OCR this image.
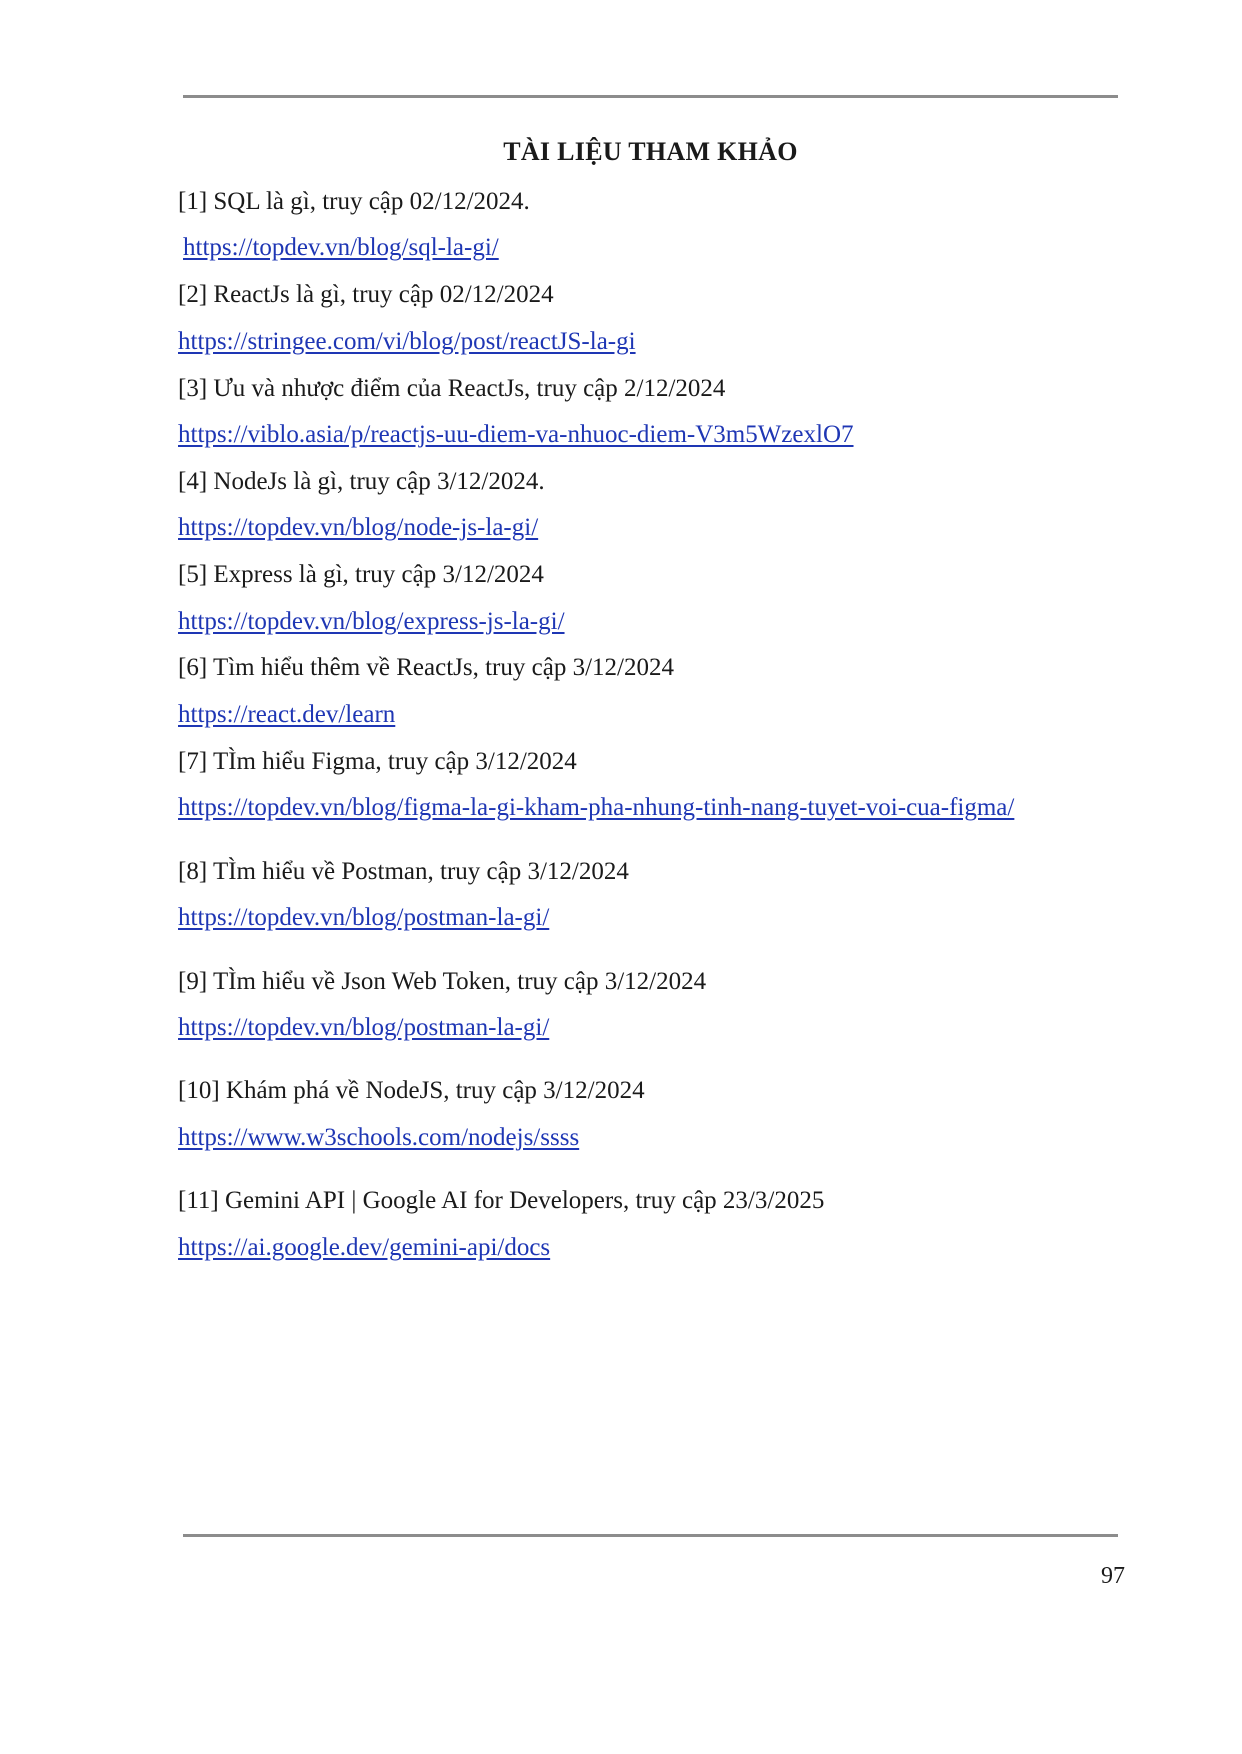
TÀI LIỆU THAM KHẢO
[1] SQL là gì, truy cập 02/12/2024.
https://topdev.vn/blog/sql-la-gi/
[2] ReactJs là gì, truy cập 02/12/2024
https://stringee.com/vi/blog/post/reactJS-la-gi
[3] Ưu và nhược điểm của ReactJs, truy cập 2/12/2024
https://viblo.asia/p/reactjs-uu-diem-va-nhuoc-diem-V3m5WzexlO7
[4] NodeJs là gì, truy cập 3/12/2024.
https://topdev.vn/blog/node-js-la-gi/
[5] Express là gì, truy cập 3/12/2024
https://topdev.vn/blog/express-js-la-gi/
[6] Tìm hiểu thêm về ReactJs, truy cập 3/12/2024
https://react.dev/learn
[7] TÌm hiểu Figma, truy cập 3/12/2024
https://topdev.vn/blog/figma-la-gi-kham-pha-nhung-tinh-nang-tuyet-voi-cua-figma/
[8] TÌm hiểu về Postman, truy cập 3/12/2024
https://topdev.vn/blog/postman-la-gi/
[9] TÌm hiểu về Json Web Token, truy cập 3/12/2024
https://topdev.vn/blog/postman-la-gi/
[10] Khám phá về NodeJS, truy cập 3/12/2024
https://www.w3schools.com/nodejs/ssss
[11] Gemini API | Google AI for Developers, truy cập 23/3/2025
https://ai.google.dev/gemini-api/docs
97
